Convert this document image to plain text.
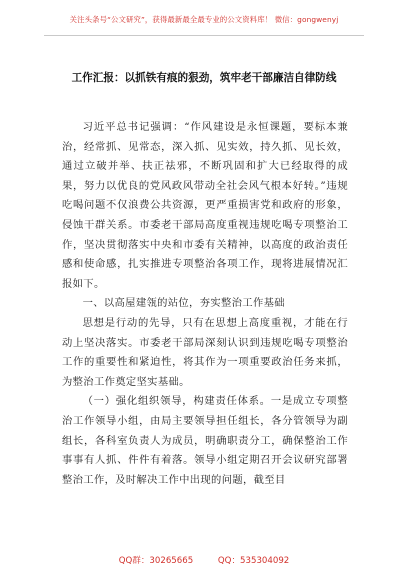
关注头条号“公文研究”，获得最新最全最专业的公文资料库！ 微信：gongwenyj
工作汇报：以抓铁有痕的狠劲，筑牢老干部廉洁自律防线

习近平总书记强调：“作风建设是永恒课题，要标本兼治，经常抓、见常态，深入抓、见实效，持久抓、见长效，通过立破并举、扶正祛邪，不断巩固和扩大已经取得的成果，努力以优良的党风政风带动全社会风气根本好转。”违规吃喝问题不仅浪费公共资源，更严重损害党和政府的形象，侵蚀干群关系。市委老干部局高度重视违规吃喝专项整治工作，坚决贯彻落实中央和市委有关精神，以高度的政治责任感和使命感，扎实推进专项整治各项工作，现将进展情况汇报如下。

一、以高屋建瓴的站位，夯实整治工作基础

思想是行动的先导，只有在思想上高度重视，才能在行动上坚决落实。市委老干部局深刻认识到违规吃喝专项整治工作的重要性和紧迫性，将其作为一项重要政治任务来抓，为整治工作奠定坚实基础。

（一）强化组织领导，构建责任体系。一是成立专项整治工作领导小组，由局主要领导担任组长，各分管领导为副组长，各科室负责人为成员，明确职责分工，确保整治工作事事有人抓、件件有着落。领导小组定期召开会议研究部署整治工作，及时解决工作中出现的问题，截至目

QQ群：30265665	QQ：535304092
